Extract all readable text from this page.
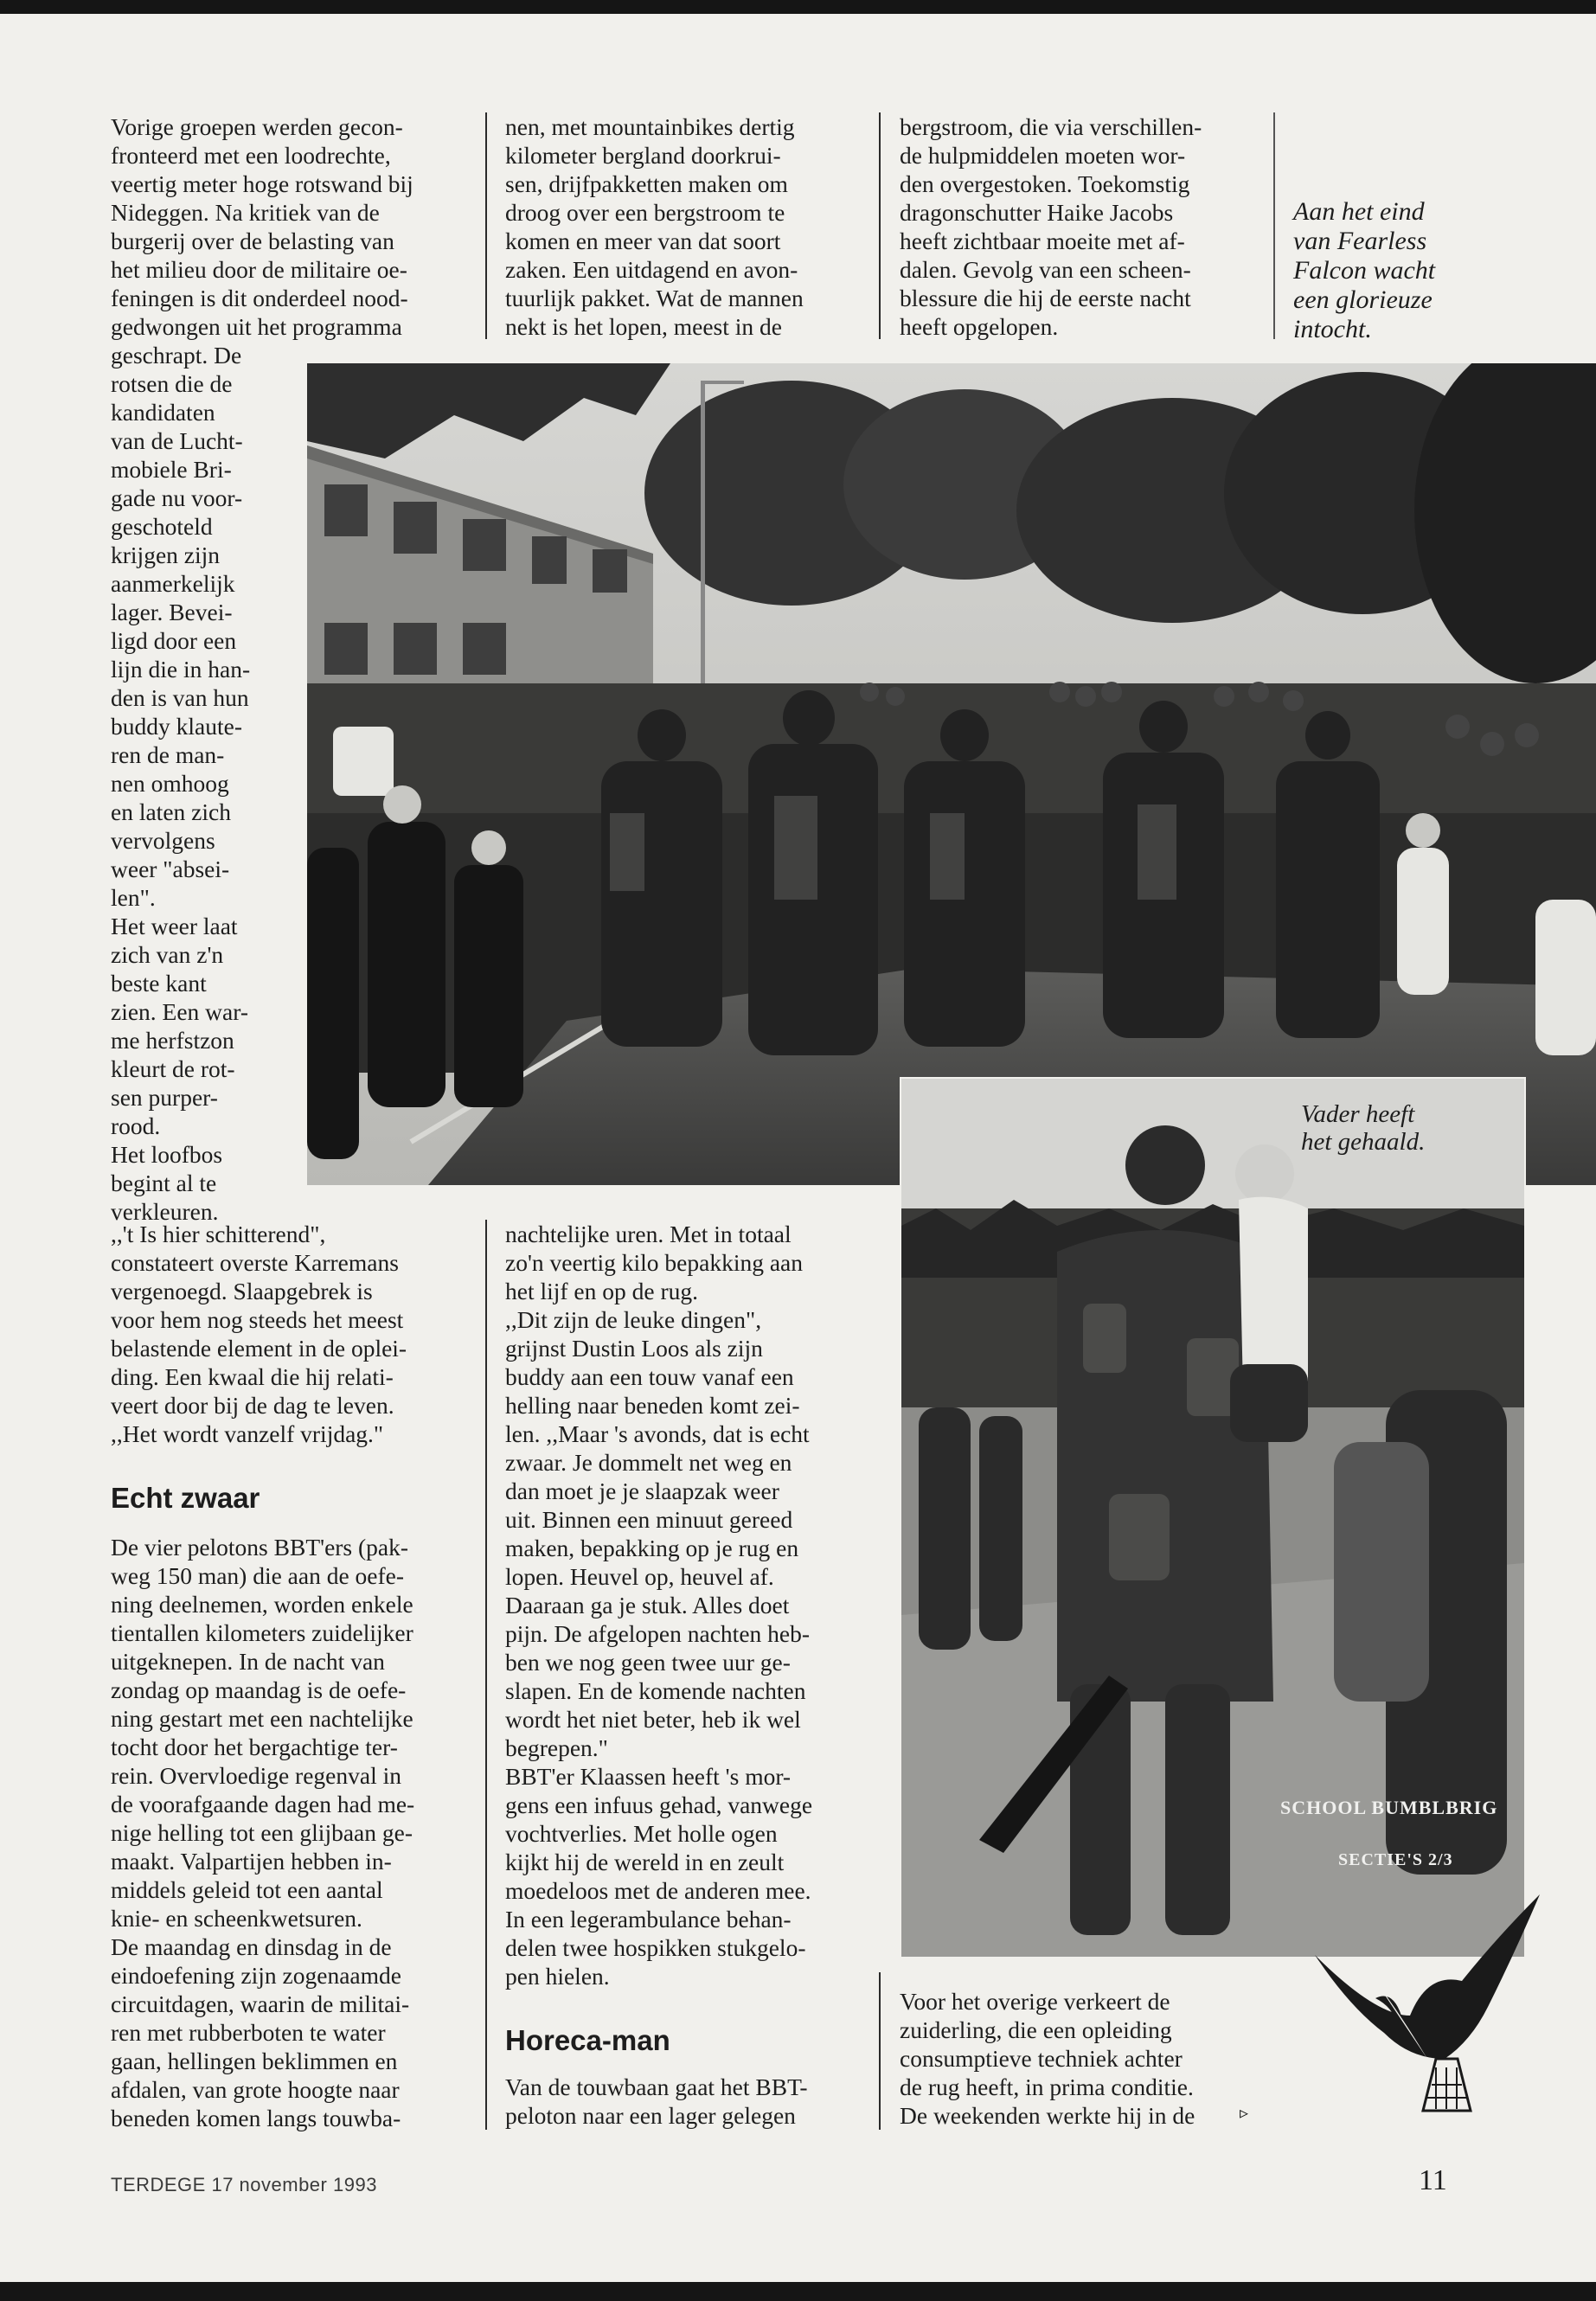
Vorige groepen werden gecon-
fronteerd met een loodrechte,
veertig meter hoge rotswand bij
Nideggen. Na kritiek van de
burgerij over de belasting van
het milieu door de militaire oe-
feningen is dit onderdeel nood-
gedwongen uit het programma
geschrapt. De
rotsen die de
kandidaten
van de Lucht-
mobiele Bri-
gade nu voor-
geschoteld
krijgen zijn
aanmerkelijk
lager. Bevei-
ligd door een
lijn die in han-
den is van hun
buddy klaute-
ren de man-
nen omhoog
en laten zich
vervolgens
weer "absei-
len".
Het weer laat
zich van z'n
beste kant
zien. Een war-
me herfstzon
kleurt de rot-
sen purper-
rood.
Het loofbos
begint al te
verkleuren.
,,'t Is hier schitterend",
constateert overste Karremans
vergenoegd. Slaapgebrek is
voor hem nog steeds het meest
belastende element in de oplei-
ding. Een kwaal die hij relati-
veert door bij de dag te leven.
,,Het wordt vanzelf vrijdag."
Echt zwaar
De vier pelotons BBT'ers (pak-
weg 150 man) die aan de oefe-
ning deelnemen, worden enkele
tientallen kilometers zuidelijker
uitgeknepen. In de nacht van
zondag op maandag is de oefe-
ning gestart met een nachtelijke
tocht door het bergachtige ter-
rein. Overvloedige regenval in
de voorafgaande dagen had me-
nige helling tot een glijbaan ge-
maakt. Valpartijen hebben in-
middels geleid tot een aantal
knie- en scheenkwetsuren.
De maandag en dinsdag in de
eindoefening zijn zogenaamde
circuitdagen, waarin de militai-
ren met rubberboten te water
gaan, hellingen beklimmen en
afdalen, van grote hoogte naar
beneden komen langs touwba-
nen, met mountainbikes dertig
kilometer bergland doorkrui-
sen, drijfpakketten maken om
droog over een bergstroom te
komen en meer van dat soort
zaken. Een uitdagend en avon-
tuurlijk pakket. Wat de mannen
nekt is het lopen, meest in de
nachtelijke uren. Met in totaal
zo'n veertig kilo bepakking aan
het lijf en op de rug.
,,Dit zijn de leuke dingen",
grijnst Dustin Loos als zijn
buddy aan een touw vanaf een
helling naar beneden komt zei-
len. ,,Maar 's avonds, dat is echt
zwaar. Je dommelt net weg en
dan moet je je slaapzak weer
uit. Binnen een minuut gereed
maken, bepakking op je rug en
lopen. Heuvel op, heuvel af.
Daaraan ga je stuk. Alles doet
pijn. De afgelopen nachten heb-
ben we nog geen twee uur ge-
slapen. En de komende nachten
wordt het niet beter, heb ik wel
begrepen."
BBT'er Klaassen heeft 's mor-
gens een infuus gehad, vanwege
vochtverlies. Met holle ogen
kijkt hij de wereld in en zeult
moedeloos met de anderen mee.
In een legerambulance behan-
delen twee hospikken stukgelo-
pen hielen.
Horeca-man
Van de touwbaan gaat het BBT-
peloton naar een lager gelegen
bergstroom, die via verschillen-
de hulpmiddelen moeten wor-
den overgestoken. Toekomstig
dragonschutter Haike Jacobs
heeft zichtbaar moeite met af-
dalen. Gevolg van een scheen-
blessure die hij de eerste nacht
heeft opgelopen.
Voor het overige verkeert de
zuiderling, die een opleiding
consumptieve techniek achter
de rug heeft, in prima conditie.
De weekenden werkte hij in de	▹
Aan het eind
van Fearless
Falcon wacht
een glorieuze
intocht.
Vader heeft
het gehaald.
SCHOOL BUMBLBRIG
SECTIE'S 2/3
TERDEGE 17 november 1993	11
